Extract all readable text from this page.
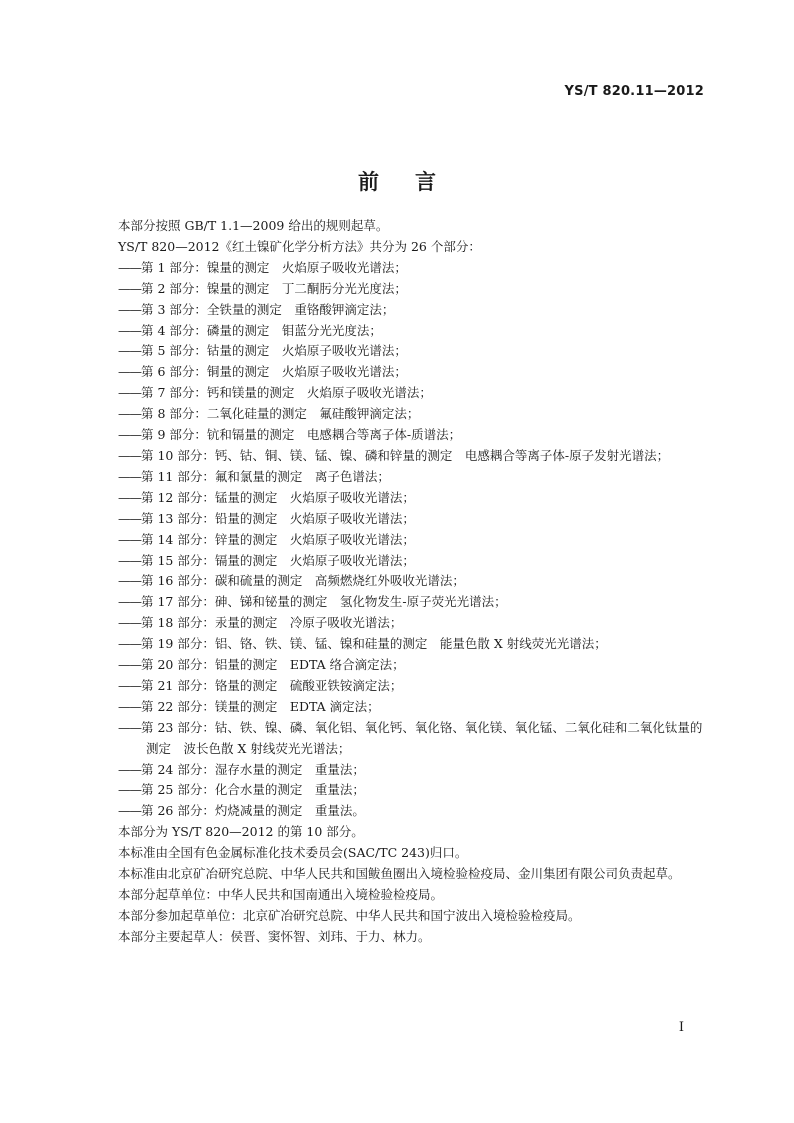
YS/T 820.11—2012
前言

本部分按照 GB/T 1.1—2009 给出的规则起草。

YS/T 820—2012《红土镍矿化学分析方法》共分为 26 个部分：

——第 1 部分：镍量的测定　火焰原子吸收光谱法；
——第 2 部分：镍量的测定　丁二酮肟分光光度法；
——第 3 部分：全铁量的测定　重铬酸钾滴定法；
——第 4 部分：磷量的测定　钼蓝分光光度法；
——第 5 部分：钴量的测定　火焰原子吸收光谱法；
——第 6 部分：铜量的测定　火焰原子吸收光谱法；
——第 7 部分：钙和镁量的测定　火焰原子吸收光谱法；
——第 8 部分：二氧化硅量的测定　氟硅酸钾滴定法；
——第 9 部分：钪和镉量的测定　电感耦合等离子体-质谱法；
——第 10 部分：钙、钴、铜、镁、锰、镍、磷和锌量的测定　电感耦合等离子体-原子发射光谱法；
——第 11 部分：氟和氯量的测定　离子色谱法；
——第 12 部分：锰量的测定　火焰原子吸收光谱法；
——第 13 部分：铅量的测定　火焰原子吸收光谱法；
——第 14 部分：锌量的测定　火焰原子吸收光谱法；
——第 15 部分：镉量的测定　火焰原子吸收光谱法；
——第 16 部分：碳和硫量的测定　高频燃烧红外吸收光谱法；
——第 17 部分：砷、锑和铋量的测定　氢化物发生-原子荧光光谱法；
——第 18 部分：汞量的测定　冷原子吸收光谱法；
——第 19 部分：铝、铬、铁、镁、锰、镍和硅量的测定　能量色散 X 射线荧光光谱法；
——第 20 部分：铝量的测定　EDTA 络合滴定法；
——第 21 部分：铬量的测定　硫酸亚铁铵滴定法；
——第 22 部分：镁量的测定　EDTA 滴定法；
——第 23 部分：钴、铁、镍、磷、氧化铝、氧化钙、氧化铬、氧化镁、氧化锰、二氧化硅和二氧化钛量的测定　波长色散 X 射线荧光光谱法；
——第 24 部分：湿存水量的测定　重量法；
——第 25 部分：化合水量的测定　重量法；
——第 26 部分：灼烧减量的测定　重量法。

本部分为 YS/T 820—2012 的第 10 部分。

本标准由全国有色金属标准化技术委员会(SAC/TC 243)归口。

本标准由北京矿冶研究总院、中华人民共和国鲅鱼圈出入境检验检疫局、金川集团有限公司负责起草。

本部分起草单位：中华人民共和国南通出入境检验检疫局。

本部分参加起草单位：北京矿冶研究总院、中华人民共和国宁波出入境检验检疫局。

本部分主要起草人：侯晋、窦怀智、刘玮、于力、林力。

I
